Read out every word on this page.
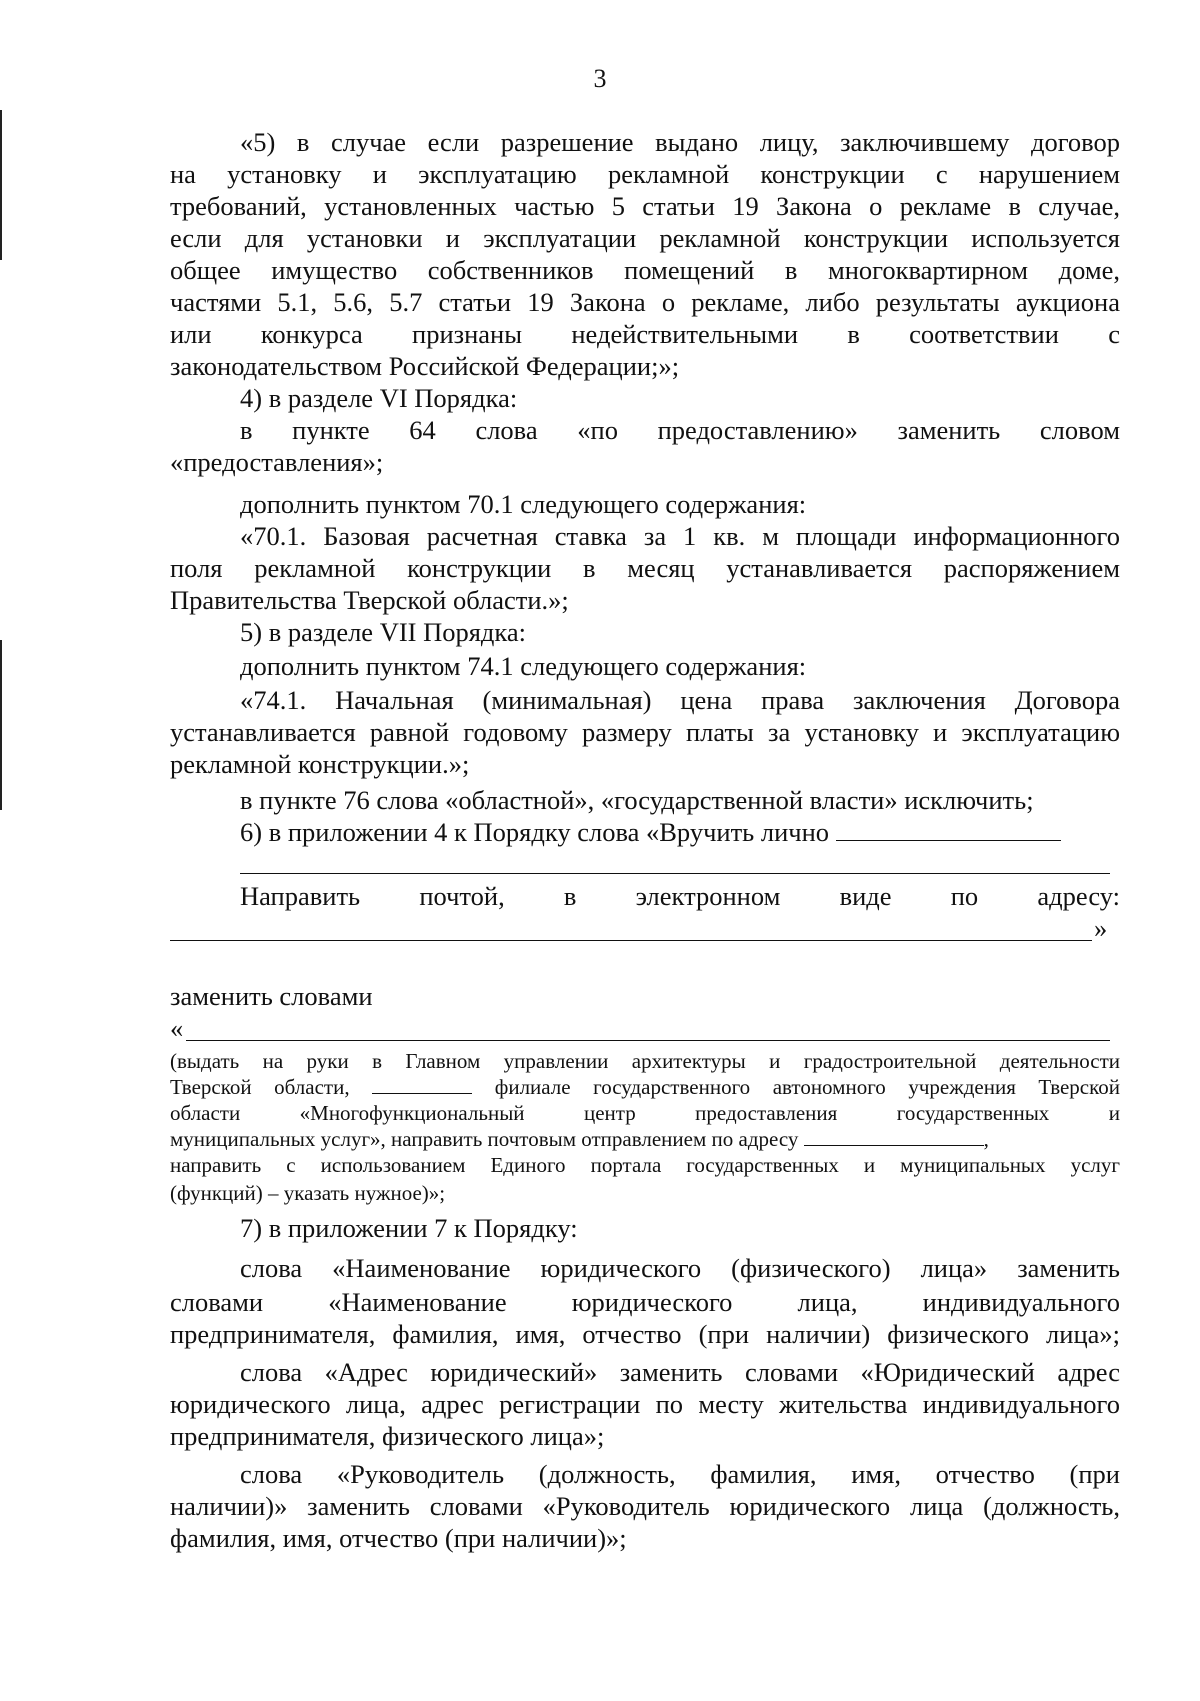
3
«5) в случае если разрешение выдано лицу, заключившему договор
на установку и эксплуатацию рекламной конструкции с нарушением
требований, установленных частью 5 статьи 19 Закона о рекламе в случае,
если для установки и эксплуатации рекламной конструкции используется
общее имущество собственников помещений в многоквартирном доме,
частями 5.1, 5.6, 5.7 статьи 19 Закона о рекламе, либо результаты аукциона
или конкурса признаны недействительными в соответствии с
законодательством Российской Федерации;»;
4) в разделе VI Порядка:
в пункте 64 слова «по предоставлению» заменить словом
«предоставления»;
дополнить пунктом 70.1 следующего содержания:
«70.1. Базовая расчетная ставка за 1 кв. м площади информационного
поля рекламной конструкции в месяц устанавливается распоряжением
Правительства Тверской области.»;
5) в разделе VII Порядка:
дополнить пунктом 74.1 следующего содержания:
«74.1. Начальная (минимальная) цена права заключения Договора
устанавливается равной годовому размеру платы за установку и эксплуатацию
рекламной конструкции.»;
в пункте 76 слова «областной», «государственной власти» исключить;
6) в приложении 4 к Порядку слова «Вручить лично
Направить почтой, в электронном виде по адресу:
»
заменить словами
«
(выдать на руки в Главном управлении архитектуры и градостроительной деятельности
Тверской области,	филиале государственного автономного учреждения Тверской
области «Многофункциональный центр предоставления государственных и
муниципальных услуг», направить почтовым отправлением по адресу	,
направить с использованием Единого портала государственных и муниципальных услуг
(функций) – указать нужное)»;
7) в приложении 7 к Порядку:
слова «Наименование юридического (физического) лица» заменить
словами «Наименование юридического лица, индивидуального
предпринимателя, фамилия, имя, отчество (при наличии) физического лица»;
слова «Адрес юридический» заменить словами «Юридический адрес
юридического лица, адрес регистрации по месту жительства индивидуального
предпринимателя, физического лица»;
слова «Руководитель (должность, фамилия, имя, отчество (при
наличии)» заменить словами «Руководитель юридического лица (должность,
фамилия, имя, отчество (при наличии)»;
